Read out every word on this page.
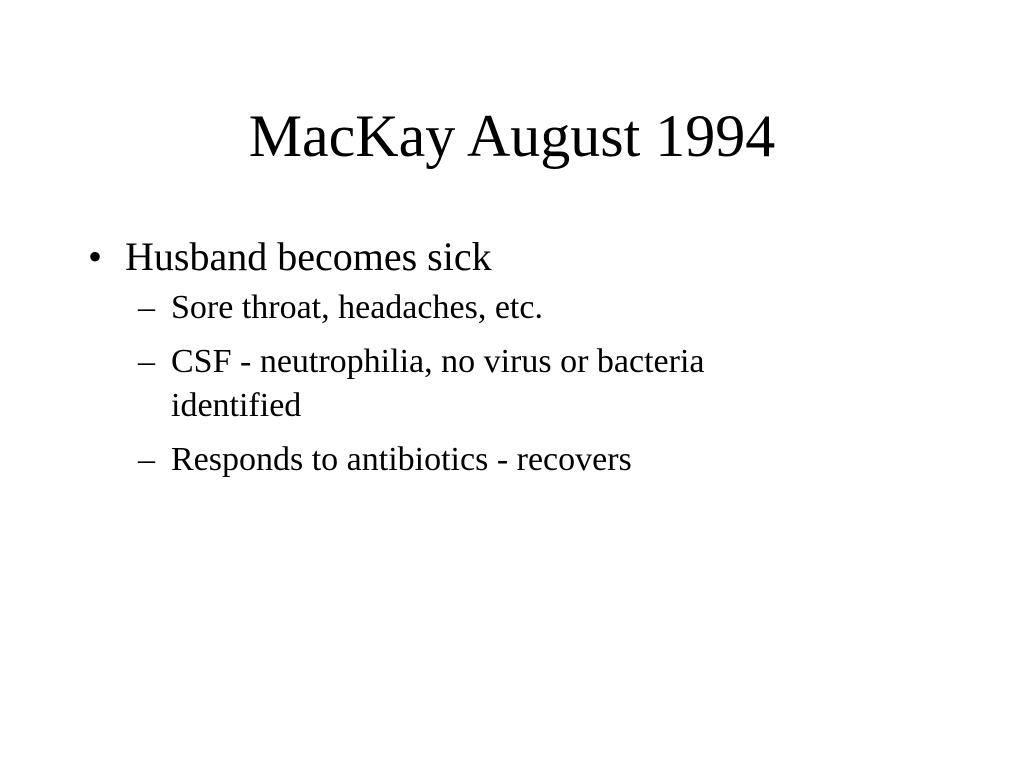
MacKay August 1994
• Husband becomes sick
– Sore throat, headaches, etc.
– CSF - neutrophilia, no virus or bacteria identified
– Responds to antibiotics - recovers
